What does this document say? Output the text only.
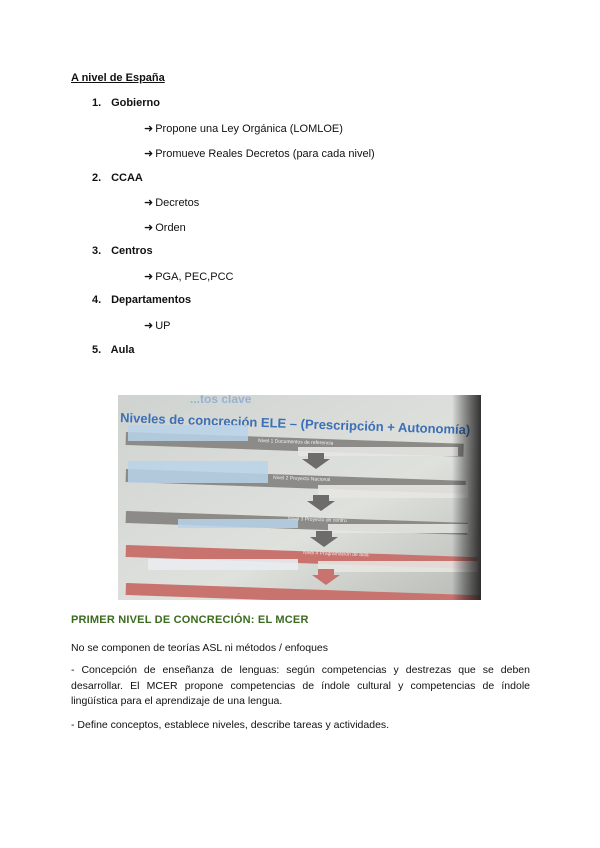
A nivel de España
1. Gobierno
➜ Propone una Ley Orgánica (LOMLOE)
➜ Promueve Reales Decretos (para cada nivel)
2. CCAA
➜ Decretos
➜ Orden
3. Centros
➜ PGA, PEC,PCC
4. Departamentos
➜ UP
5. Aula
PRIMER NIVEL DE CONCRECIÓN: EL MCER

No se componen de teorías ASL ni métodos / enfoques

- Concepción de enseñanza de lenguas: según competencias y destrezas que se deben desarrollar. El MCER propone competencias de índole cultural y competencias de índole lingüística para el aprendizaje de una lengua.

- Define conceptos, establece niveles, describe tareas y actividades.
